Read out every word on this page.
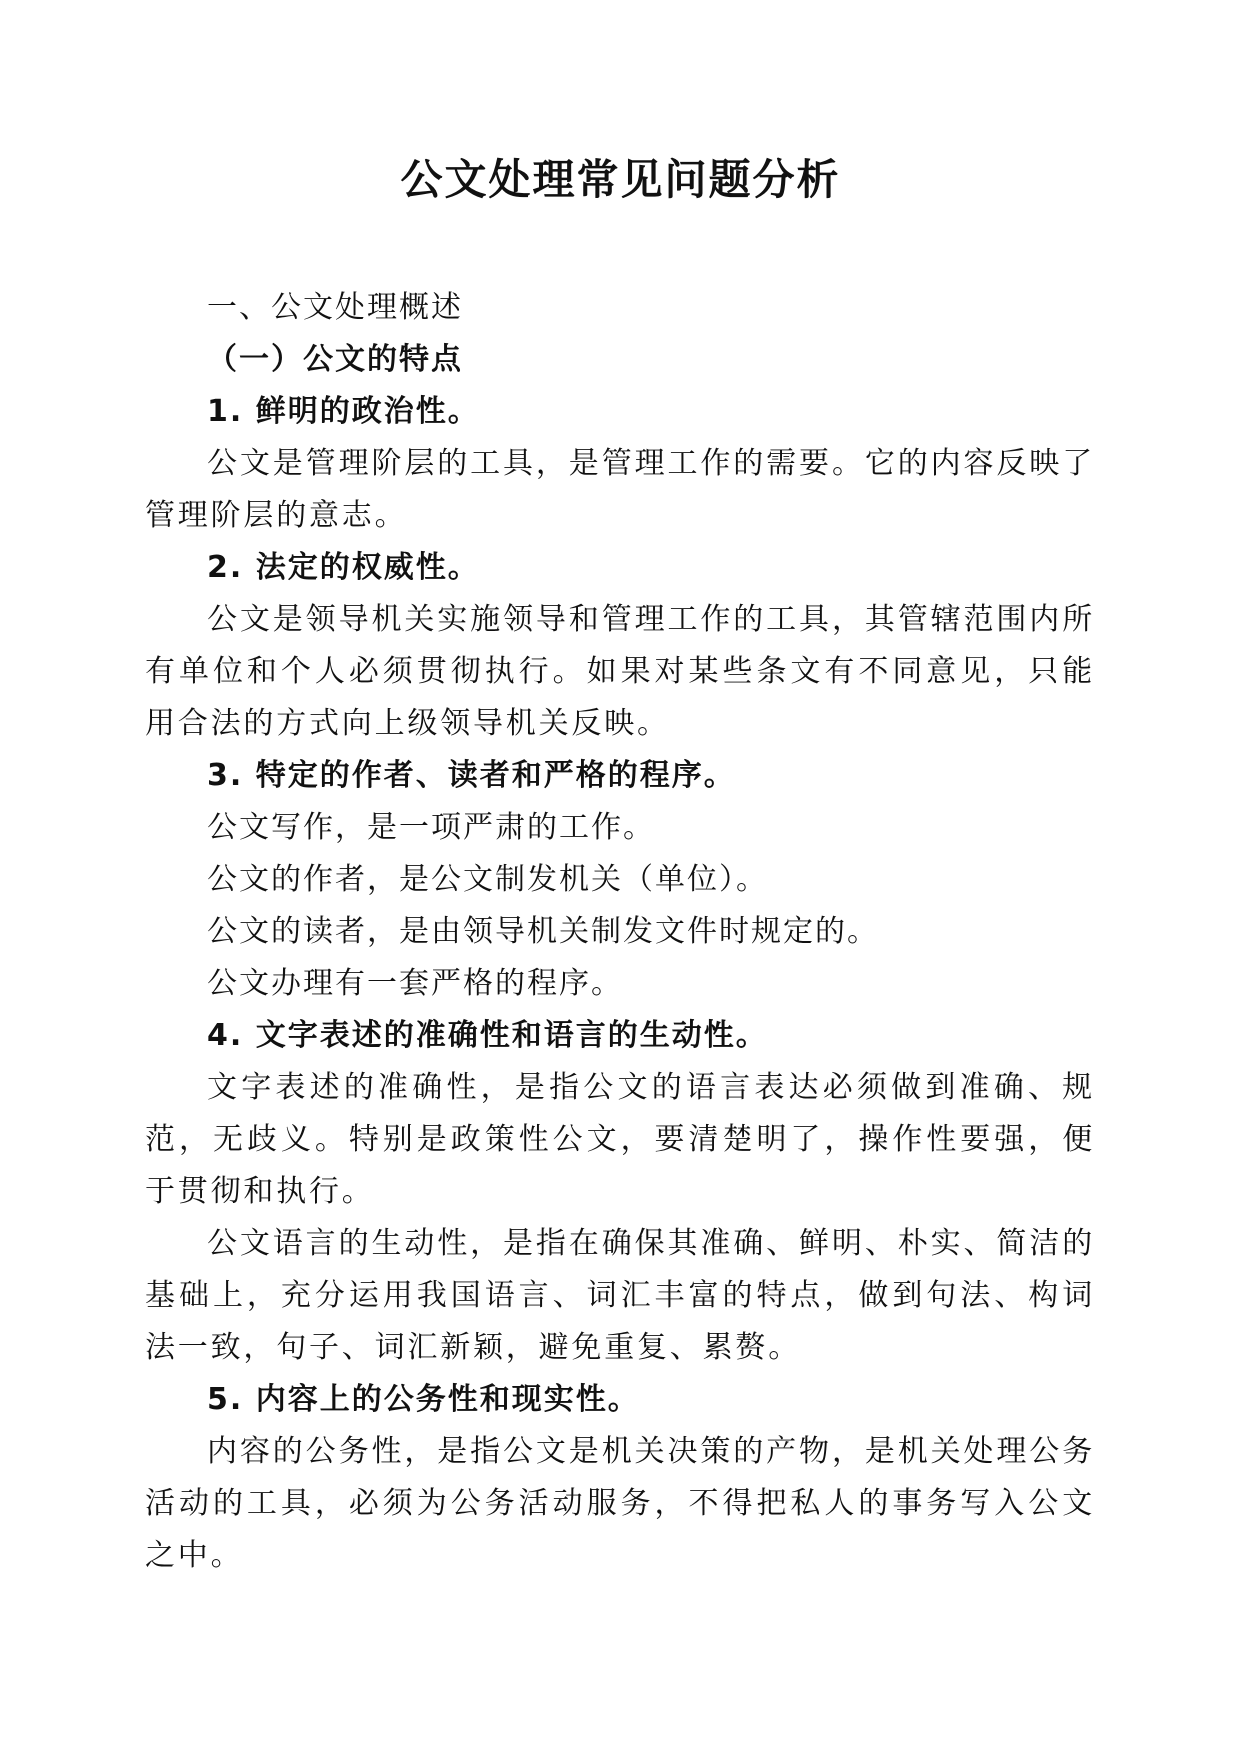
公文处理常见问题分析
一、公文处理概述
（一）公文的特点
1. 鲜明的政治性。

公文是管理阶层的工具，是管理工作的需要。它的内容反映了管理阶层的意志。

2. 法定的权威性。

公文是领导机关实施领导和管理工作的工具，其管辖范围内所有单位和个人必须贯彻执行。如果对某些条文有不同意见，只能用合法的方式向上级领导机关反映。

3. 特定的作者、读者和严格的程序。
公文写作，是一项严肃的工作。
公文的作者，是公文制发机关（单位）。
公文的读者，是由领导机关制发文件时规定的。
公文办理有一套严格的程序。
4. 文字表述的准确性和语言的生动性。

文字表述的准确性，是指公文的语言表达必须做到准确、规范，无歧义。特别是政策性公文，要清楚明了，操作性要强，便于贯彻和执行。

公文语言的生动性，是指在确保其准确、鲜明、朴实、简洁的基础上，充分运用我国语言、词汇丰富的特点，做到句法、构词法一致，句子、词汇新颖，避免重复、累赘。

5. 内容上的公务性和现实性。

内容的公务性，是指公文是机关决策的产物，是机关处理公务活动的工具，必须为公务活动服务，不得把私人的事务写入公文之中。
